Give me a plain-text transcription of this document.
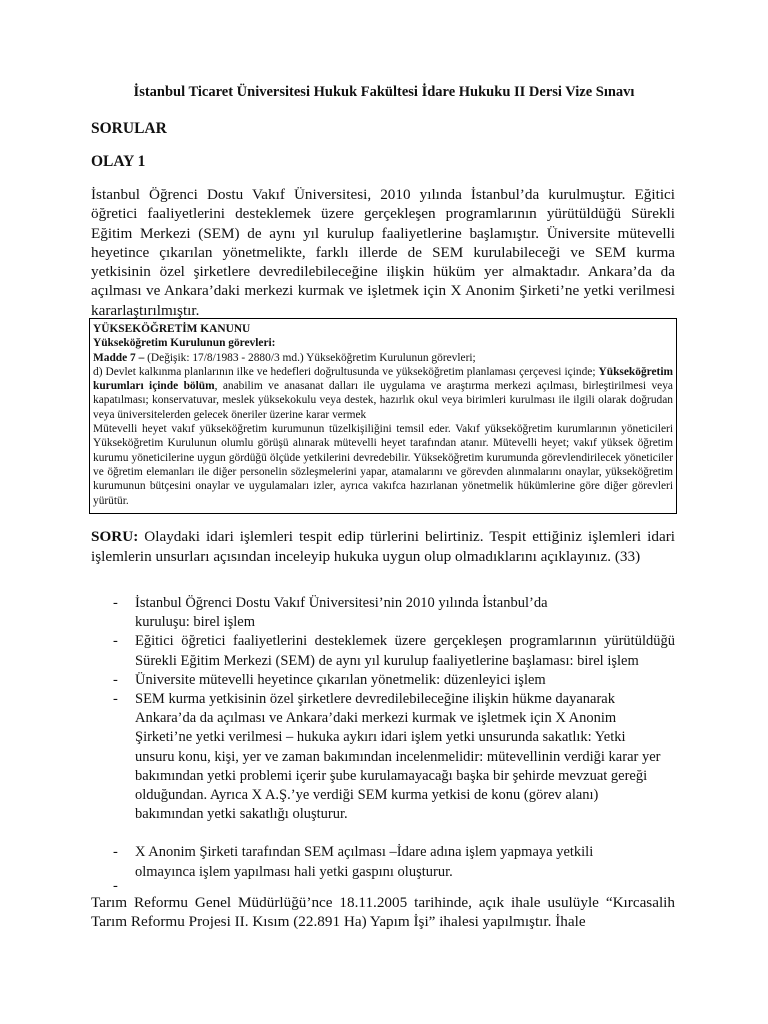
İstanbul Ticaret Üniversitesi Hukuk Fakültesi İdare Hukuku II Dersi Vize Sınavı
SORULAR
OLAY 1
İstanbul Öğrenci Dostu Vakıf Üniversitesi, 2010 yılında İstanbul’da kurulmuştur. Eğitici öğretici faaliyetlerini desteklemek üzere gerçekleşen programlarının yürütüldüğü Sürekli Eğitim Merkezi (SEM) de aynı yıl kurulup faaliyetlerine başlamıştır. Üniversite mütevelli heyetince çıkarılan yönetmelikte, farklı illerde de SEM kurulabileceği ve SEM kurma yetkisinin özel şirketlere devredilebileceğine ilişkin hüküm yer almaktadır. Ankara’da da açılması ve Ankara’daki merkezi kurmak ve işletmek için X Anonim Şirketi’ne yetki verilmesi kararlaştırılmıştır.
YÜKSEKÖĞRETİM KANUNU
Yükseköğretim Kurulunun görevleri:
Madde 7 – (Değişik: 17/8/1983 - 2880/3 md.) Yükseköğretim Kurulunun görevleri;
d) Devlet kalkınma planlarının ilke ve hedefleri doğrultusunda ve yükseköğretim planlaması çerçevesi içinde; Yükseköğretim kurumları içinde bölüm, anabilim ve anasanat dalları ile uygulama ve araştırma merkezi açılması, birleştirilmesi veya kapatılması; konservatuvar, meslek yüksekokulu veya destek, hazırlık okul veya birimleri kurulması ile ilgili olarak doğrudan veya üniversitelerden gelecek öneriler üzerine karar vermek
Mütevelli heyet vakıf yükseköğretim kurumunun tüzelkişiliğini temsil eder. Vakıf yükseköğretim kurumlarının yöneticileri Yükseköğretim Kurulunun olumlu görüşü alınarak mütevelli heyet tarafından atanır. Mütevelli heyet; vakıf yüksek öğretim kurumu yöneticilerine uygun gördüğü ölçüde yetkilerini devredebilir. Yükseköğretim kurumunda görevlendirilecek yöneticiler ve öğretim elemanları ile diğer personelin sözleşmelerini yapar, atamalarını ve görevden alınmalarını onaylar, yükseköğretim kurumunun bütçesini onaylar ve uygulamaları izler, ayrıca vakıfca hazırlanan yönetmelik hükümlerine göre diğer görevleri yürütür.
SORU: Olaydaki idari işlemleri tespit edip türlerini belirtiniz. Tespit ettiğiniz işlemleri idari işlemlerin unsurları açısından inceleyip hukuka uygun olup olmadıklarını açıklayınız. (33)
- İstanbul Öğrenci Dostu Vakıf Üniversitesi’nin 2010 yılında İstanbul’da kuruluşu: birel işlem
- Eğitici öğretici faaliyetlerini desteklemek üzere gerçekleşen programlarının yürütüldüğü Sürekli Eğitim Merkezi (SEM) de aynı yıl kurulup faaliyetlerine başlaması: birel işlem
- Üniversite mütevelli heyetince çıkarılan yönetmelik: düzenleyici işlem
- SEM kurma yetkisinin özel şirketlere devredilebileceğine ilişkin hükme dayanarak Ankara’da da açılması ve Ankara’daki merkezi kurmak ve işletmek için X Anonim Şirketi’ne yetki verilmesi – hukuka aykırı idari işlem yetki unsurunda sakatlık: Yetki unsuru konu, kişi, yer ve zaman bakımından incelenmelidir: mütevellinin verdiği karar yer bakımından yetki problemi içerir şube kurulamayacağı başka bir şehirde mevzuat gereği olduğundan. Ayrıca X A.Ş.’ye verdiği SEM kurma yetkisi de konu (görev alanı) bakımından yetki sakatlığı oluşturur.
- X Anonim Şirketi tarafından SEM açılması –İdare adına işlem yapmaya yetkili olmayınca işlem yapılması hali yetki gaspını oluşturur.
-
Tarım Reformu Genel Müdürlüğü’nce 18.11.2005 tarihinde, açık ihale usulüyle “Kırcasalih Tarım Reformu Projesi II. Kısım (22.891 Ha) Yapım İşi” ihalesi yapılmıştır. İhale
